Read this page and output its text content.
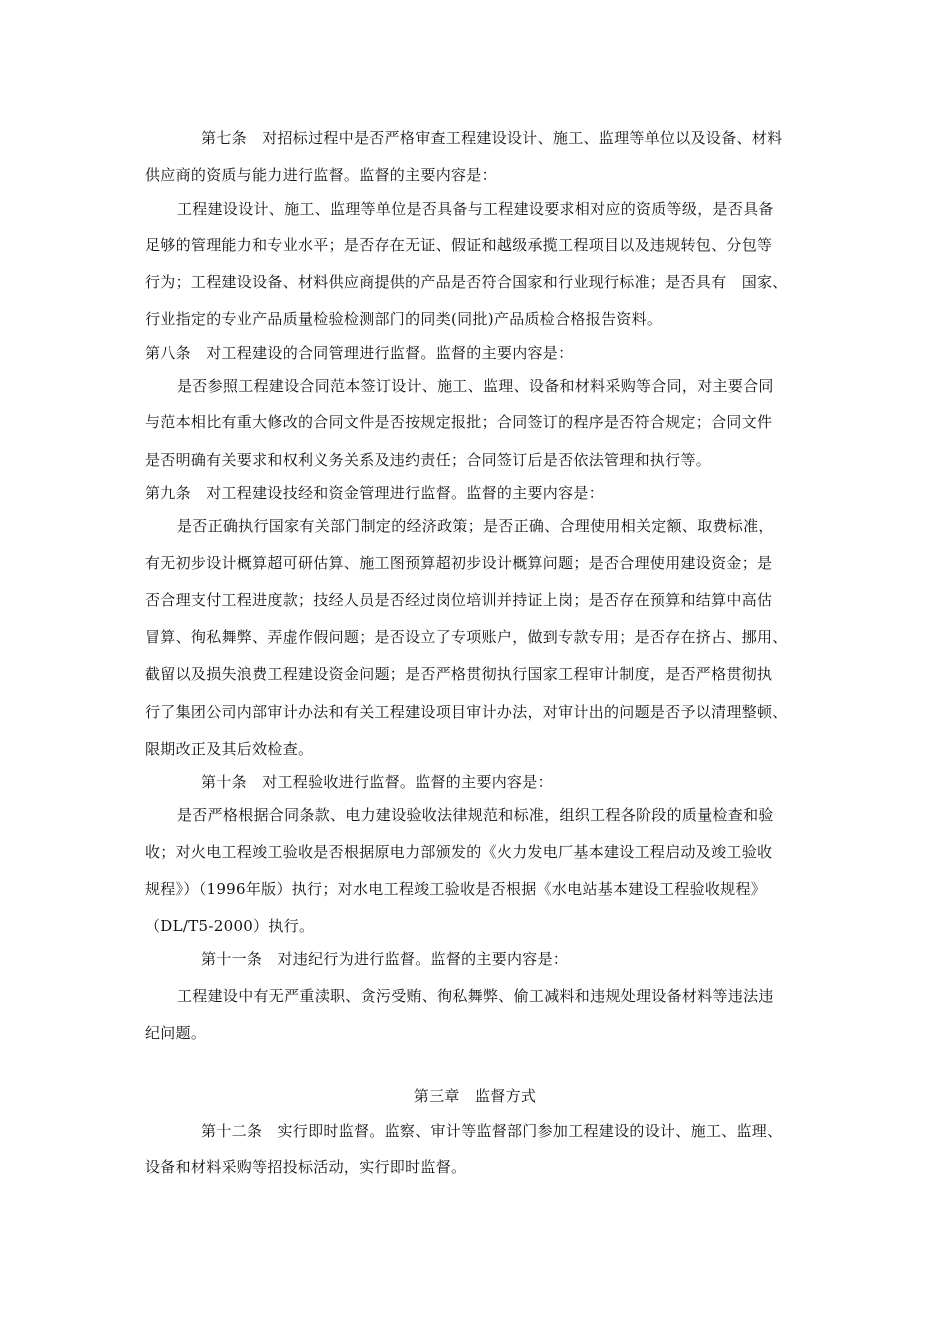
第七条　对招标过程中是否严格审查工程建设设计、施工、监理等单位以及设备、材料
供应商的资质与能力进行监督。监督的主要内容是：
工程建设设计、施工、监理等单位是否具备与工程建设要求相对应的资质等级，是否具备
足够的管理能力和专业水平；是否存在无证、假证和越级承揽工程项目以及违规转包、分包等
行为；工程建设设备、材料供应商提供的产品是否符合国家和行业现行标准；是否具有　国家、
行业指定的专业产品质量检验检测部门的同类(同批)产品质检合格报告资料。
第八条　对工程建设的合同管理进行监督。监督的主要内容是：
是否参照工程建设合同范本签订设计、施工、监理、设备和材料采购等合同，对主要合同
与范本相比有重大修改的合同文件是否按规定报批；合同签订的程序是否符合规定；合同文件
是否明确有关要求和权利义务关系及违约责任；合同签订后是否依法管理和执行等。
第九条　对工程建设技经和资金管理进行监督。监督的主要内容是：
是否正确执行国家有关部门制定的经济政策；是否正确、合理使用相关定额、取费标准，
有无初步设计概算超可研估算、施工图预算超初步设计概算问题；是否合理使用建设资金；是
否合理支付工程进度款；技经人员是否经过岗位培训并持证上岗；是否存在预算和结算中高估
冒算、徇私舞弊、弄虚作假问题；是否设立了专项账户，做到专款专用；是否存在挤占、挪用、
截留以及损失浪费工程建设资金问题；是否严格贯彻执行国家工程审计制度，是否严格贯彻执
行了集团公司内部审计办法和有关工程建设项目审计办法，对审计出的问题是否予以清理整顿、
限期改正及其后效检查。
第十条　对工程验收进行监督。监督的主要内容是：
是否严格根据合同条款、电力建设验收法律规范和标准，组织工程各阶段的质量检查和验
收；对火电工程竣工验收是否根据原电力部颁发的《火力发电厂基本建设工程启动及竣工验收
规程》）（1996年版）执行；对水电工程竣工验收是否根据《水电站基本建设工程验收规程》
（DL/T5-2000）执行。
第十一条　对违纪行为进行监督。监督的主要内容是：
工程建设中有无严重渎职、贪污受贿、徇私舞弊、偷工减料和违规处理设备材料等违法违
纪问题。
第三章　监督方式
第十二条　实行即时监督。监察、审计等监督部门参加工程建设的设计、施工、监理、
设备和材料采购等招投标活动，实行即时监督。
